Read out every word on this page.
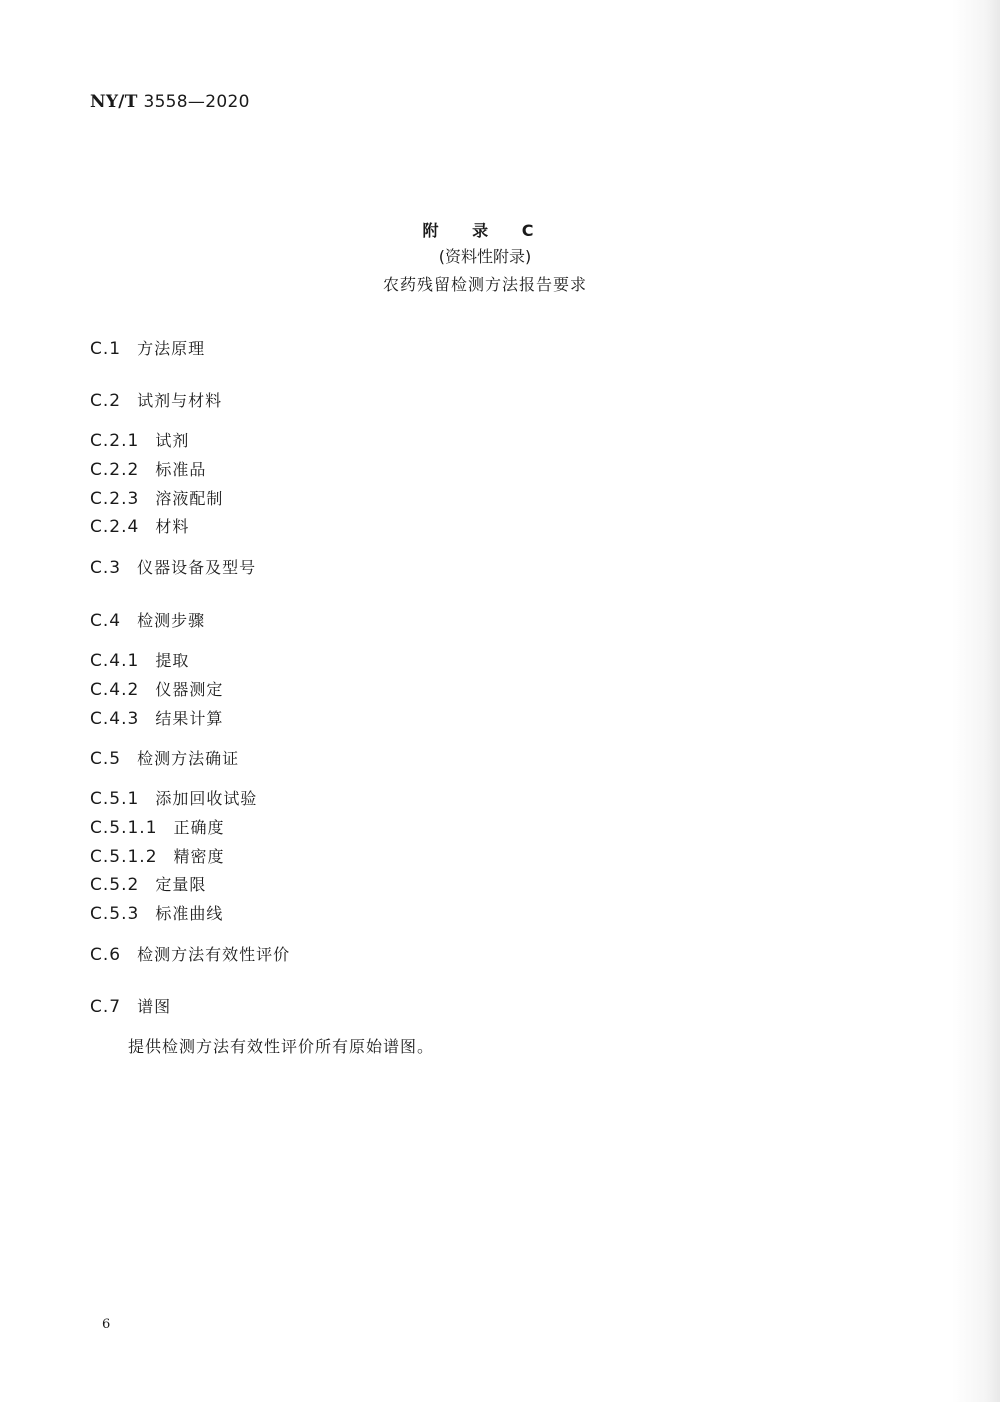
NY/T 3558—2020
附 录 C
(资料性附录)
农药残留检测方法报告要求
C.1 方法原理
C.2 试剂与材料
C.2.1 试剂
C.2.2 标准品
C.2.3 溶液配制
C.2.4 材料
C.3 仪器设备及型号
C.4 检测步骤
C.4.1 提取
C.4.2 仪器测定
C.4.3 结果计算
C.5 检测方法确证
C.5.1 添加回收试验
C.5.1.1 正确度
C.5.1.2 精密度
C.5.2 定量限
C.5.3 标准曲线
C.6 检测方法有效性评价
C.7 谱图
提供检测方法有效性评价所有原始谱图。
6
